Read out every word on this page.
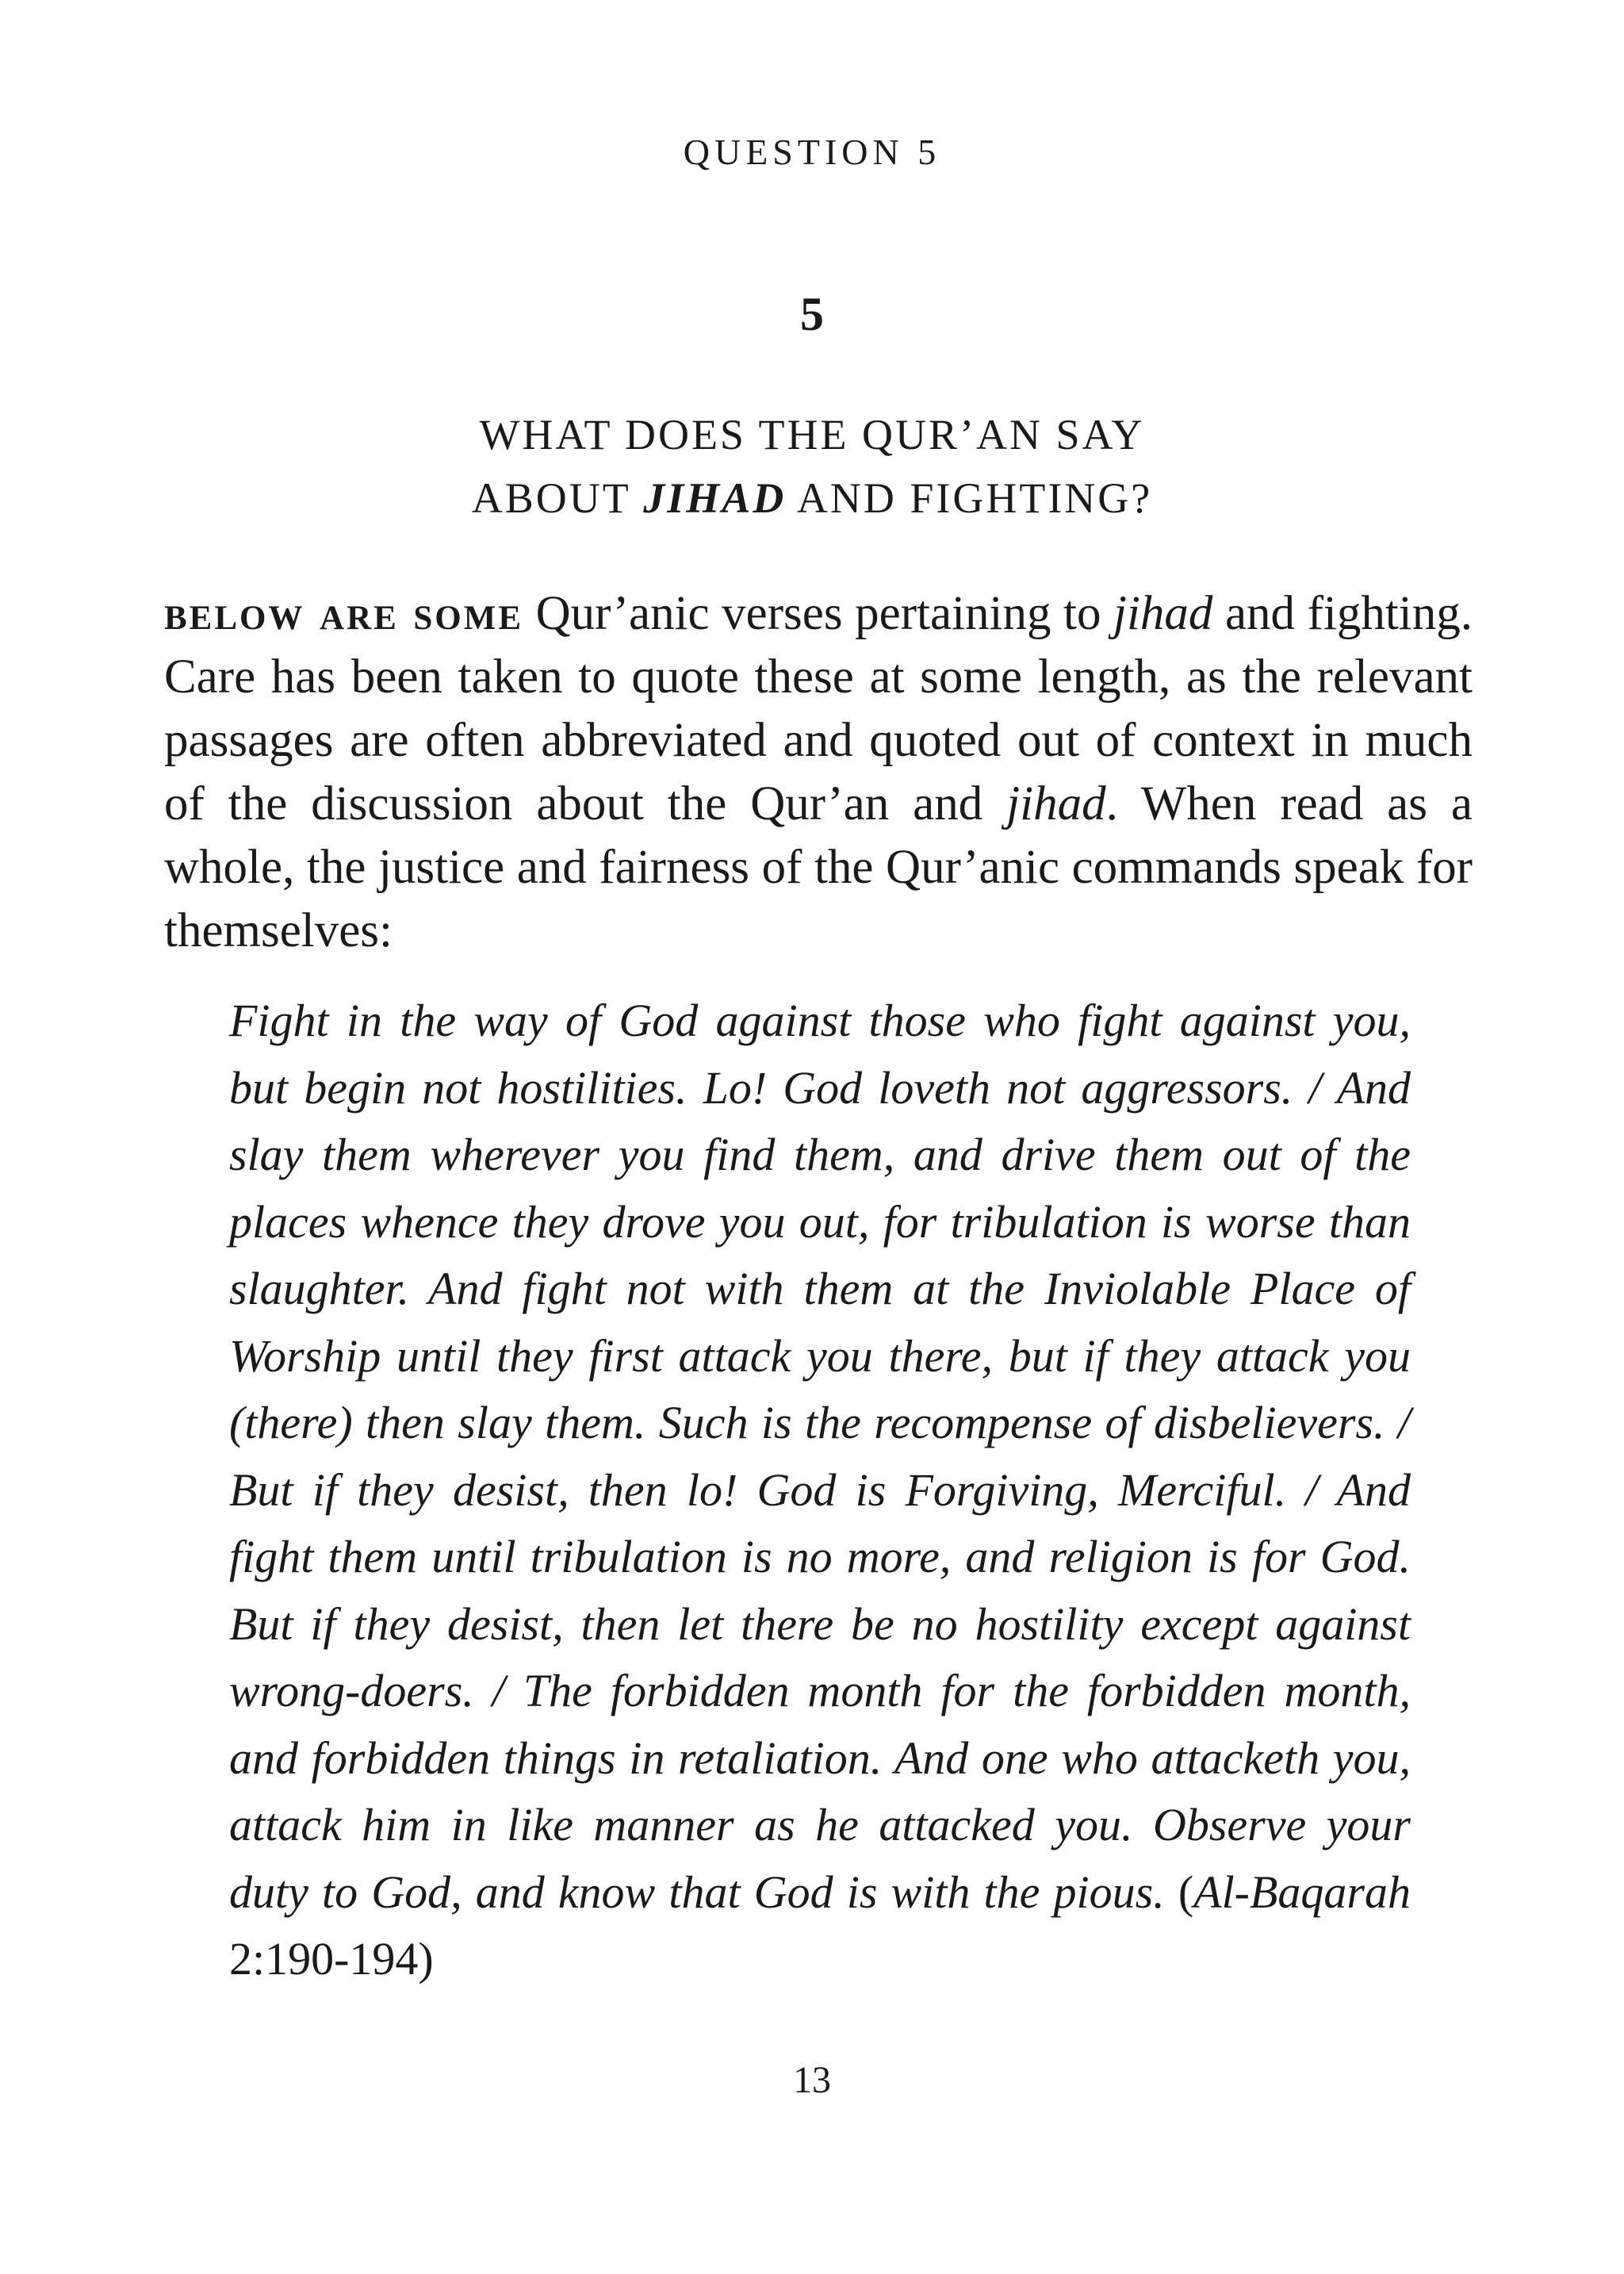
QUESTION 5
5
WHAT DOES THE QUR’AN SAY
ABOUT JIHAD AND FIGHTING?
below are some Qur’anic verses pertaining to jihad and fighting. Care has been taken to quote these at some length, as the relevant passages are often abbreviated and quoted out of context in much of the discussion about the Qur’an and jihad. When read as a whole, the justice and fairness of the Qur’anic commands speak for themselves:
Fight in the way of God against those who fight against you, but begin not hostilities. Lo! God loveth not aggressors. / And slay them wherever you find them, and drive them out of the places whence they drove you out, for tribulation is worse than slaughter. And fight not with them at the Inviolable Place of Worship until they first attack you there, but if they attack you (there) then slay them. Such is the recompense of disbelievers. / But if they desist, then lo! God is Forgiving, Merciful. / And fight them until tribulation is no more, and religion is for God. But if they desist, then let there be no hostility except against wrong-doers. / The forbidden month for the forbidden month, and forbidden things in retaliation. And one who attacketh you, attack him in like manner as he attacked you. Observe your duty to God, and know that God is with the pious. (Al-Baqarah 2:190-194)
13
